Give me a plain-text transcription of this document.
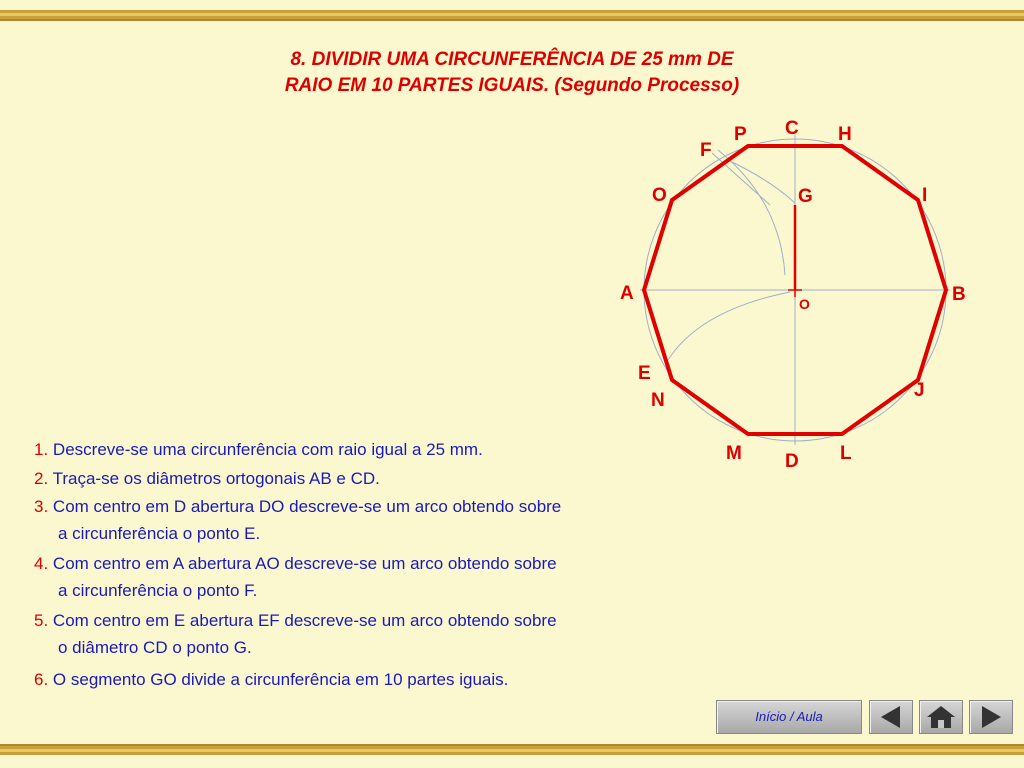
8. DIVIDIR UMA CIRCUNFERÊNCIA DE 25 mm DE
RAIO EM 10 PARTES IGUAIS. (Segundo Processo)
C
P	H
F
O	G	I
A	B
O
E
J
N
M	L
D
1. Descreve-se uma circunferência com raio igual a 25 mm.
2. Traça-se os diâmetros ortogonais AB e CD.
3. Com centro em D abertura DO descreve-se um arco obtendo sobre
a circunferência o ponto E.
4. Com centro em A abertura AO descreve-se um arco obtendo sobre
a circunferência o ponto F.
5. Com centro em E abertura EF descreve-se um arco obtendo sobre
o diâmetro CD o ponto G.
6. O segmento GO divide a circunferência em 10 partes iguais.
Início / Aula
